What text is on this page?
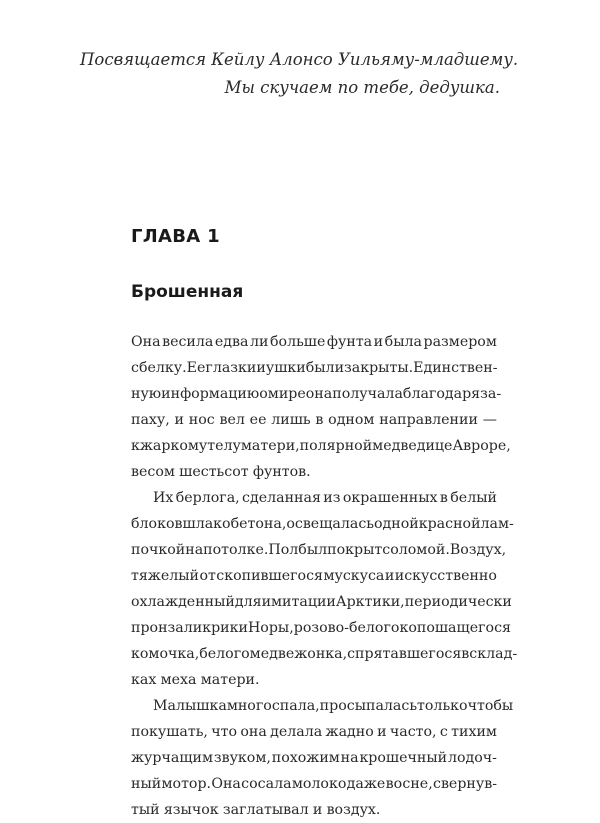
Посвящается Кейлу Алонсо Уильяму-младшему.
Мы скучаем по тебе, дедушка.
ГЛАВА 1
Брошенная
Она весила едва ли больше фунта и была размером
с белку. Ее глазки и ушки были закрыты. Единствен-
ную информацию о мире она получала благодаря за-
паху, и нос вел ее лишь в одном направлении —
к жаркому телу матери, полярной медведице Авроре,
весом шестьсот фунтов.
Их берлога, сделанная из окрашенных в белый
блоков шлакобетона, освещалась одной красной лам-
почкой на потолке. Пол был покрыт соломой. Воздух,
тяжелый от скопившегося мускуса и искусственно
охлажденный для имитации Арктики, периодически
пронзали крики Норы, розово-белого копошащегося
комочка, белого медвежонка, спрятавшегося в склад-
ках меха матери.
Малышка много спала, просыпалась только чтобы
покушать, что она делала жадно и часто, с тихим
журчащим звуком, похожим на крошечный лодоч-
ный мотор. Она сосала молоко даже во сне, свернув-
тый язычок заглатывал и воздух.
